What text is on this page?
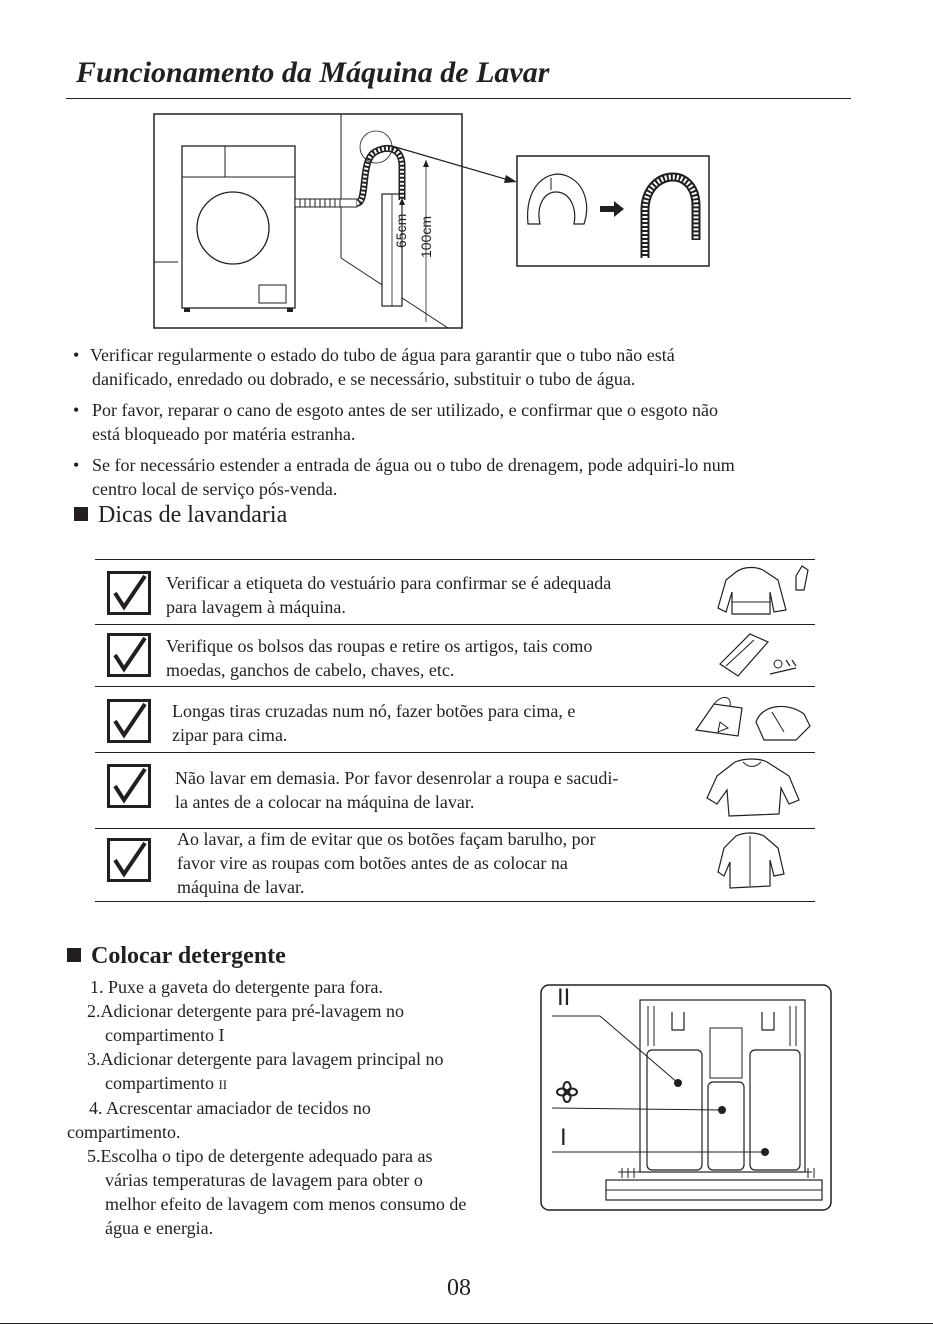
Funcionamento da Máquina de Lavar
65cm 100cm
• Verificar regularmente o estado do tubo de água para garantir que o tubo não está
danificado, enredado ou dobrado, e se necessário, substituir o tubo de água.
• Por favor, reparar o cano de esgoto antes de ser utilizado, e confirmar que o esgoto não
está bloqueado por matéria estranha.
• Se for necessário estender a entrada de água ou o tubo de drenagem, pode adquiri-lo num
centro local de serviço pós-venda.
Dicas de lavandaria
Verificar a etiqueta do vestuário para confirmar se é adequada
para lavagem à máquina.
Verifique os bolsos das roupas e retire os artigos, tais como
moedas, ganchos de cabelo, chaves, etc.
Longas tiras cruzadas num nó, fazer botões para cima, e
zipar para cima.
Não lavar em demasia. Por favor desenrolar a roupa e sacudi-
la antes de a colocar na máquina de lavar.
Ao lavar, a fim de evitar que os botões façam barulho, por
favor vire as roupas com botões antes de as colocar na
máquina de lavar.
Colocar detergente
1. Puxe a gaveta do detergente para fora.
2.Adicionar detergente para pré-lavagem no
compartimento I
3.Adicionar detergente para lavagem principal no
compartimento II
4. Acrescentar amaciador de tecidos no
compartimento.
5.Escolha o tipo de detergente adequado para as
várias temperaturas de lavagem para obter o
melhor efeito de lavagem com menos consumo de
água e energia.
II
I
08
